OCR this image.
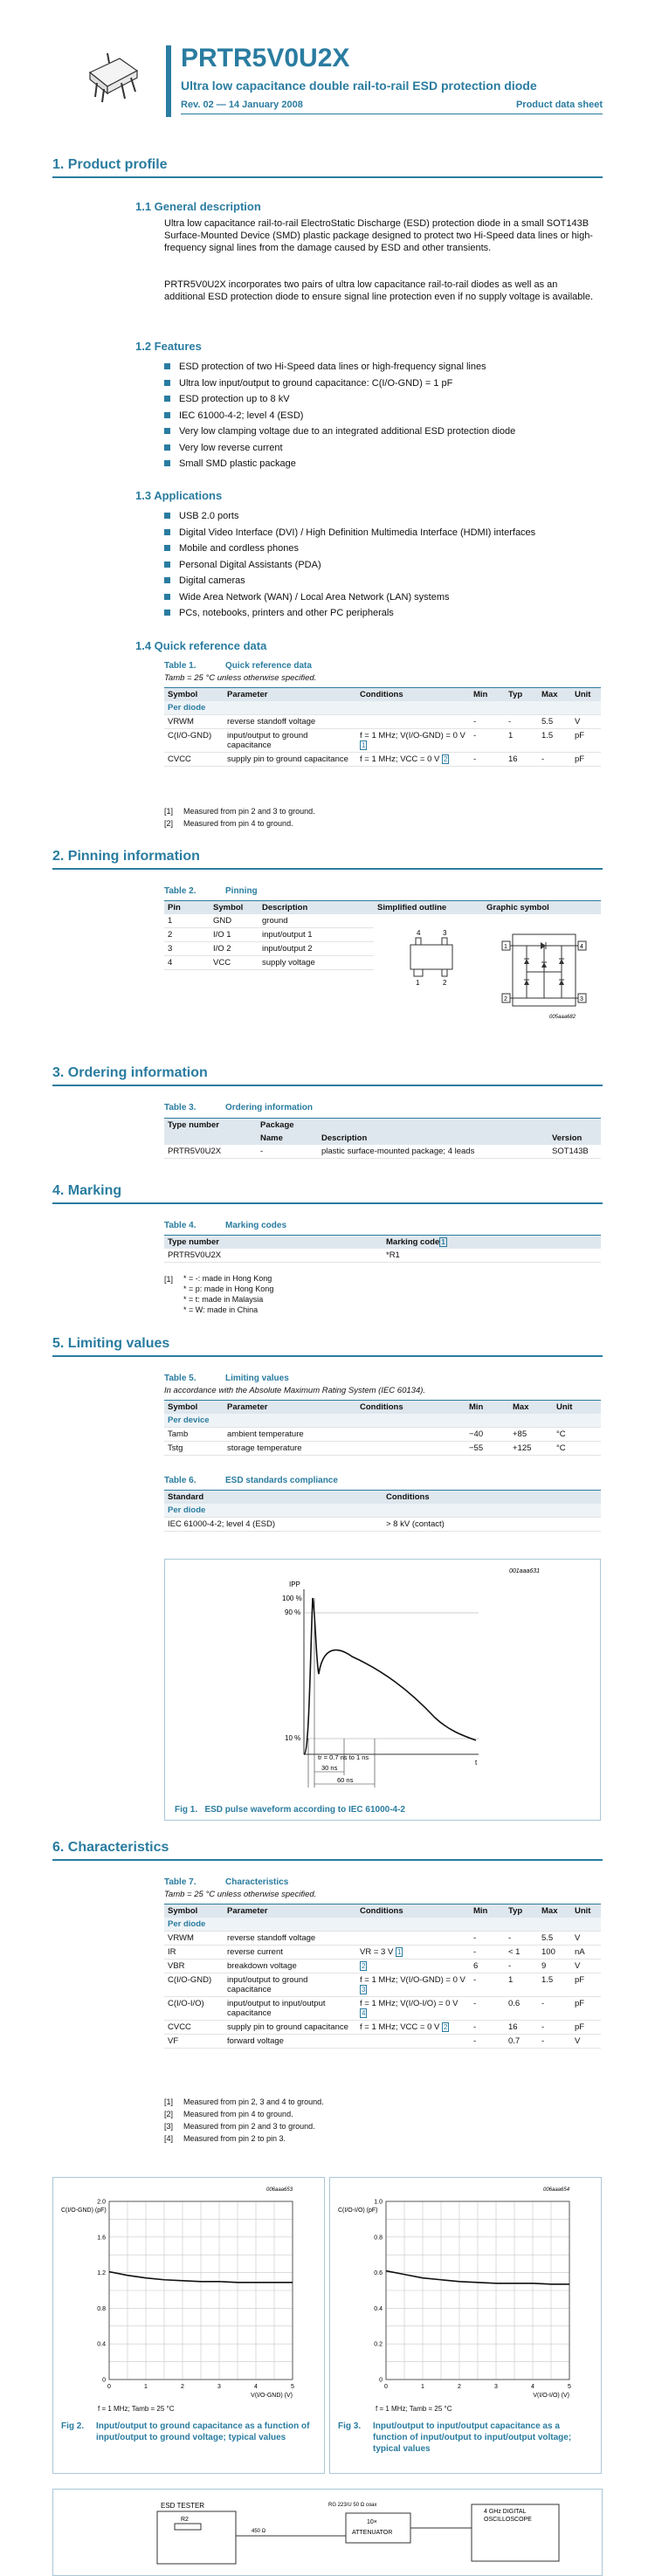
PRTR5V0U2X
Ultra low capacitance double rail-to-rail ESD protection diode
Rev. 02 — 14 January 2008	Product data sheet
1. Product profile
1.1 General description
Ultra low capacitance rail-to-rail ElectroStatic Discharge (ESD) protection diode in a small SOT143B Surface-Mounted Device (SMD) plastic package designed to protect two Hi-Speed data lines or high-frequency signal lines from the damage caused by ESD and other transients.
PRTR5V0U2X incorporates two pairs of ultra low capacitance rail-to-rail diodes as well as an additional ESD protection diode to ensure signal line protection even if no supply voltage is available.
1.2 Features
ESD protection of two Hi-Speed data lines or high-frequency signal lines
Ultra low input/output to ground capacitance: C(I/O-GND) = 1 pF
ESD protection up to 8 kV
IEC 61000-4-2; level 4 (ESD)
Very low clamping voltage due to an integrated additional ESD protection diode
Very low reverse current
Small SMD plastic package
1.3 Applications
USB 2.0 ports
Digital Video Interface (DVI) / High Definition Multimedia Interface (HDMI) interfaces
Mobile and cordless phones
Personal Digital Assistants (PDA)
Digital cameras
Wide Area Network (WAN) / Local Area Network (LAN) systems
PCs, notebooks, printers and other PC peripherals
1.4 Quick reference data
Table 1.	Quick reference data
Tamb = 25 °C unless otherwise specified.
Symbol	Parameter	Conditions	Min	Typ	Max	Unit
Per diode						
VRWM	reverse standoff voltage		-	-	5.5	V
C(I/O-GND)	input/output to ground capacitance	f = 1 MHz; V(I/O-GND) = 0 V 1	-	1	1.5	pF
CVCC	supply pin to ground capacitance	f = 1 MHz; VCC = 0 V 2	-	16	-	pF
[1] Measured from pin 2 and 3 to ground.
[2] Measured from pin 4 to ground.
2. Pinning information
Table 2.	Pinning
Pin	Symbol	Description	Simplified outline	Graphic symbol
1	GND	ground		
2	I/O 1	input/output 1		
3	I/O 2	input/output 2		
4	VCC	supply voltage		
4	3
1	2
1	4
2	3
005aaa682
3. Ordering information
Table 3.	Ordering information
Type number	Package		
	Name	Description	Version
PRTR5V0U2X	-	plastic surface-mounted package; 4 leads	SOT143B
4. Marking
Table 4.	Marking codes
Type number	Marking code 1
PRTR5V0U2X	*R1
[1]	* = -: made in Hong Kong
* = p: made in Hong Kong
* = t: made in Malaysia
* = W: made in China
5. Limiting values
Table 5.	Limiting values
In accordance with the Absolute Maximum Rating System (IEC 60134).
Symbol	Parameter	Conditions	Min	Max	Unit
Per device					
Tamb	ambient temperature		−40	+85	°C
Tstg	storage temperature		−55	+125	°C
Table 6.	ESD standards compliance
Standard	Conditions
Per diode	
IEC 61000-4-2; level 4 (ESD)	> 8 kV (contact)
001aaa631
IPP
100 %
90 %
10 %
tr = 0.7 ns to 1 ns
30 ns
60 ns
t
Fig 1. ESD pulse waveform according to IEC 61000-4-2
6. Characteristics
Table 7.	Characteristics
Tamb = 25 °C unless otherwise specified.
Symbol	Parameter	Conditions	Min	Typ	Max	Unit
Per diode						
VRWM	reverse standoff voltage		-	-	5.5	V
IR	reverse current	VR = 3 V 1	-	< 1	100	nA
VBR	breakdown voltage	2	6	-	9	V
C(I/O-GND)	input/output to ground capacitance	f = 1 MHz; V(I/O-GND) = 0 V 3	-	1	1.5	pF
C(I/O-I/O)	input/output to input/output capacitance	f = 1 MHz; V(I/O-I/O) = 0 V 4	-	0.6	-	pF
CVCC	supply pin to ground capacitance	f = 1 MHz; VCC = 0 V 2	-	16	-	pF
VF	forward voltage		-	0.7	-	V
[1] Measured from pin 2, 3 and 4 to ground.
[2] Measured from pin 4 to ground.
[3] Measured from pin 2 and 3 to ground.
[4] Measured from pin 2 to pin 3.
006aaa653
0	1	2	3	4	5
0
0.4
0.8
1.2
1.6
2.0
C(I/O-GND) (pF)
V(I/O-GND) (V)
006aaa654
0	1	2	3	4	5
0
0.2
0.4
0.6
0.8
1.0
C(I/O-I/O) (pF)
V(I/O-I/O) (V)
f = 1 MHz; Tamb = 25 °C	f = 1 MHz; Tamb = 25 °C
Fig 2.	Input/output to ground capacitance as a function of input/output to ground voltage; typical values
Fig 3.	Input/output to input/output capacitance as a function of input/output to input/output voltage; typical values
ESD TESTER
R2
450 Ω
RG 223/U 50 Ω coax
10×
ATTENUATOR
4 GHz DIGITAL
OSCILLOSCOPE
